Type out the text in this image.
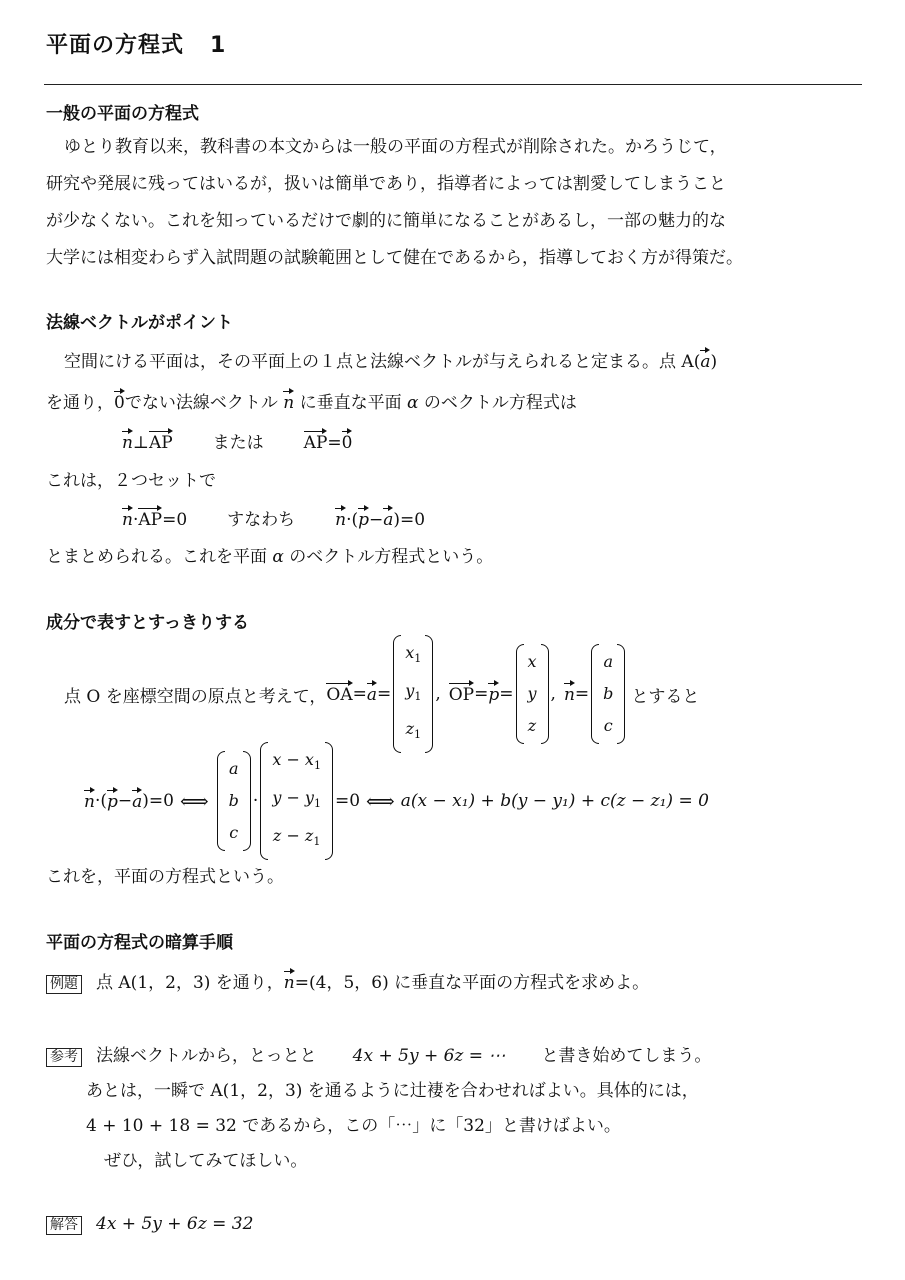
平面の方程式 1
一般の平面の方程式
ゆとり教育以来，教科書の本文からは一般の平面の方程式が削除された。かろうじて，
研究や発展に残ってはいるが，扱いは簡単であり，指導者によっては割愛してしまうこと
が少なくない。これを知っているだけで劇的に簡単になることがあるし，一部の魅力的な
大学には相変わらず入試問題の試験範囲として健在であるから，指導しておく方が得策だ。
法線ベクトルがポイント
空間にける平面は，その平面上の１点と法線ベクトルが与えられると定まる。点 A(a)
を通り，0でない法線ベクトル n に垂直な平面 α のベクトル方程式は
n⊥AP または AP=0
これは，２つセットで
n·AP=0 すなわち n·(p−a)=0
とまとめられる。これを平面 α のベクトル方程式という。
成分で表すとすっきりする
点 O を座標空間の原点と考えて， OA = a =
$x_1$
$y_1$
$z_1$
, OP = p =
x
y
z
, n =
a
b
c
とすると
n ·( p − a )=0 ⟺
a
b
c
·
$x - x_1$
$y - y_1$
$z - z_1$
=0 ⟺ a(x − x₁) + b(y − y₁) + c(z − z₁) = 0
これを，平面の方程式という。
平面の方程式の暗算手順
例題 点 A(1，2，3) を通り，n=(4，5，6) に垂直な平面の方程式を求めよ。
参考 法線ベクトルから，とっとと 4x + 5y + 6z = ⋯ と書き始めてしまう。
あとは，一瞬で A(1，2，3) を通るように辻褄を合わせればよい。具体的には，
4 + 10 + 18 = 32 であるから，この「⋯」に「32」と書けばよい。
ぜひ，試してみてほしい。
解答 4x + 5y + 6z = 32
